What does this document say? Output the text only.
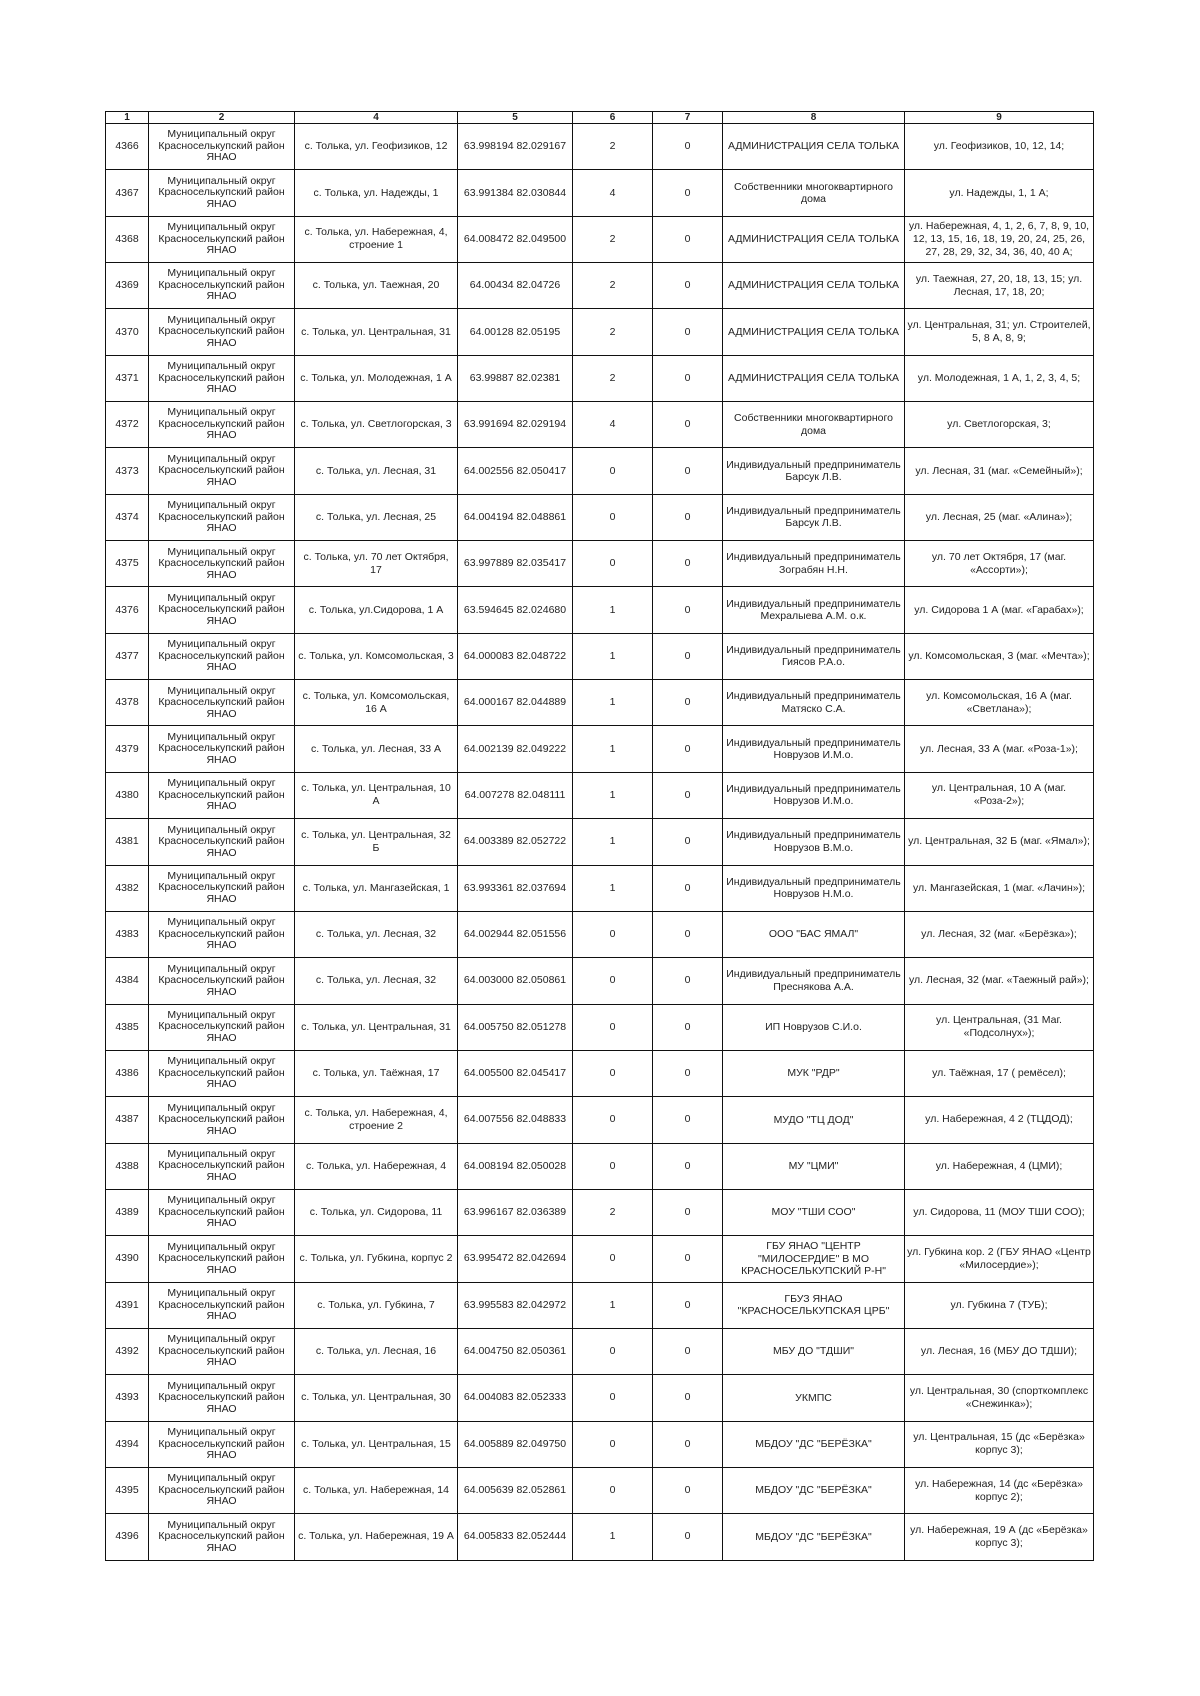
1	2	4	5	6	7	8	9
4366	Муниципальный округ Красноселькупский район ЯНАО	с. Толька, ул. Геофизиков, 12	63.998194 82.029167	2	0	АДМИНИСТРАЦИЯ СЕЛА ТОЛЬКА	ул. Геофизиков, 10, 12, 14;
4367	Муниципальный округ Красноселькупский район ЯНАО	с. Толька, ул. Надежды, 1	63.991384 82.030844	4	0	Собственники многоквартирного дома	ул. Надежды, 1, 1 А;
4368	Муниципальный округ Красноселькупский район ЯНАО	с. Толька, ул. Набережная, 4, строение 1	64.008472 82.049500	2	0	АДМИНИСТРАЦИЯ СЕЛА ТОЛЬКА	ул. Набережная, 4, 1, 2, 6, 7, 8, 9, 10, 12, 13, 15, 16, 18, 19, 20, 24, 25, 26, 27, 28, 29, 32, 34, 36, 40, 40 А;
4369	Муниципальный округ Красноселькупский район ЯНАО	с. Толька, ул. Таежная, 20	64.00434 82.04726	2	0	АДМИНИСТРАЦИЯ СЕЛА ТОЛЬКА	ул. Таежная, 27, 20, 18, 13, 15; ул. Лесная, 17, 18, 20;
4370	Муниципальный округ Красноселькупский район ЯНАО	с. Толька, ул. Центральная, 31	64.00128 82.05195	2	0	АДМИНИСТРАЦИЯ СЕЛА ТОЛЬКА	ул. Центральная, 31; ул. Строителей, 5, 8 А, 8, 9;
4371	Муниципальный округ Красноселькупский район ЯНАО	с. Толька, ул. Молодежная, 1 А	63.99887 82.02381	2	0	АДМИНИСТРАЦИЯ СЕЛА ТОЛЬКА	ул. Молодежная, 1 А, 1, 2, 3, 4, 5;
4372	Муниципальный округ Красноселькупский район ЯНАО	с. Толька, ул. Светлогорская, 3	63.991694 82.029194	4	0	Собственники многоквартирного дома	ул. Светлогорская, 3;
4373	Муниципальный округ Красноселькупский район ЯНАО	с. Толька, ул. Лесная, 31	64.002556 82.050417	0	0	Индивидуальный предприниматель Барсук Л.В.	ул. Лесная, 31 (маг. «Семейный»);
4374	Муниципальный округ Красноселькупский район ЯНАО	с. Толька, ул. Лесная, 25	64.004194 82.048861	0	0	Индивидуальный предприниматель Барсук Л.В.	ул. Лесная, 25 (маг. «Алина»);
4375	Муниципальный округ Красноселькупский район ЯНАО	с. Толька, ул. 70 лет Октября, 17	63.997889 82.035417	0	0	Индивидуальный предприниматель Зограбян Н.Н.	ул. 70 лет Октября, 17 (маг. «Ассорти»);
4376	Муниципальный округ Красноселькупский район ЯНАО	с. Толька, ул.Сидорова, 1 А	63.594645 82.024680	1	0	Индивидуальный предприниматель Мехралыева А.М. о.к.	ул. Сидорова 1 А (маг. «Гарабах»);
4377	Муниципальный округ Красноселькупский район ЯНАО	с. Толька, ул. Комсомольская, 3	64.000083 82.048722	1	0	Индивидуальный предприниматель Гиясов Р.А.о.	ул. Комсомольская, 3 (маг. «Мечта»);
4378	Муниципальный округ Красноселькупский район ЯНАО	с. Толька, ул. Комсомольская, 16 А	64.000167 82.044889	1	0	Индивидуальный предприниматель Матяско С.А.	ул. Комсомольская, 16 А (маг. «Светлана»);
4379	Муниципальный округ Красноселькупский район ЯНАО	с. Толька, ул. Лесная, 33 А	64.002139 82.049222	1	0	Индивидуальный предприниматель Новрузов И.М.о.	ул. Лесная, 33 А (маг. «Роза-1»);
4380	Муниципальный округ Красноселькупский район ЯНАО	с. Толька, ул. Центральная, 10 А	64.007278 82.048111	1	0	Индивидуальный предприниматель Новрузов И.М.о.	ул. Центральная, 10 А (маг. «Роза-2»);
4381	Муниципальный округ Красноселькупский район ЯНАО	с. Толька, ул. Центральная, 32 Б	64.003389 82.052722	1	0	Индивидуальный предприниматель Новрузов В.М.о.	ул. Центральная, 32 Б (маг. «Ямал»);
4382	Муниципальный округ Красноселькупский район ЯНАО	с. Толька, ул. Мангазейская, 1	63.993361 82.037694	1	0	Индивидуальный предприниматель Новрузов Н.М.о.	ул. Мангазейская, 1 (маг. «Лачин»);
4383	Муниципальный округ Красноселькупский район ЯНАО	с. Толька, ул. Лесная, 32	64.002944 82.051556	0	0	ООО "БАС ЯМАЛ"	ул. Лесная, 32 (маг. «Берёзка»);
4384	Муниципальный округ Красноселькупский район ЯНАО	с. Толька, ул. Лесная, 32	64.003000 82.050861	0	0	Индивидуальный предприниматель Преснякова А.А.	ул. Лесная, 32 (маг. «Таежный рай»);
4385	Муниципальный округ Красноселькупский район ЯНАО	с. Толька, ул. Центральная, 31	64.005750 82.051278	0	0	ИП Новрузов С.И.о.	ул. Центральная, (31 Маг. «Подсолнух»);
4386	Муниципальный округ Красноселькупский район ЯНАО	с. Толька, ул. Таёжная, 17	64.005500 82.045417	0	0	МУК "РДР"	ул. Таёжная, 17 ( ремёсел);
4387	Муниципальный округ Красноселькупский район ЯНАО	с. Толька, ул. Набережная, 4, строение 2	64.007556 82.048833	0	0	МУДО "ТЦ ДОД"	ул. Набережная, 4 2 (ТЦДОД);
4388	Муниципальный округ Красноселькупский район ЯНАО	с. Толька, ул. Набережная, 4	64.008194 82.050028	0	0	МУ "ЦМИ"	ул. Набережная, 4 (ЦМИ);
4389	Муниципальный округ Красноселькупский район ЯНАО	с. Толька, ул. Сидорова, 11	63.996167 82.036389	2	0	МОУ "ТШИ СОО"	ул. Сидорова, 11 (МОУ ТШИ СОО);
4390	Муниципальный округ Красноселькупский район ЯНАО	с. Толька, ул. Губкина, корпус 2	63.995472 82.042694	0	0	ГБУ ЯНАО "ЦЕНТР "МИЛОСЕРДИЕ" В МО КРАСНОСЕЛЬКУПСКИЙ Р-Н"	ул. Губкина кор. 2 (ГБУ ЯНАО «Центр «Милосердие»);
4391	Муниципальный округ Красноселькупский район ЯНАО	с. Толька, ул. Губкина, 7	63.995583 82.042972	1	0	ГБУЗ ЯНАО "КРАСНОСЕЛЬКУПСКАЯ ЦРБ"	ул. Губкина 7 (ТУБ);
4392	Муниципальный округ Красноселькупский район ЯНАО	с. Толька, ул. Лесная, 16	64.004750 82.050361	0	0	МБУ ДО "ТДШИ"	ул. Лесная, 16 (МБУ ДО ТДШИ);
4393	Муниципальный округ Красноселькупский район ЯНАО	с. Толька, ул. Центральная, 30	64.004083 82.052333	0	0	УКМПС	ул. Центральная, 30 (спорткомплекс «Снежинка»);
4394	Муниципальный округ Красноселькупский район ЯНАО	с. Толька, ул. Центральная, 15	64.005889 82.049750	0	0	МБДОУ "ДС "БЕРЁЗКА"	ул. Центральная, 15 (дс «Берёзка» корпус 3);
4395	Муниципальный округ Красноселькупский район ЯНАО	с. Толька, ул. Набережная, 14	64.005639 82.052861	0	0	МБДОУ "ДС "БЕРЁЗКА"	ул. Набережная, 14 (дс «Берёзка» корпус 2);
4396	Муниципальный округ Красноселькупский район ЯНАО	с. Толька, ул. Набережная, 19 А	64.005833 82.052444	1	0	МБДОУ "ДС "БЕРЁЗКА"	ул. Набережная, 19 А (дс «Берёзка» корпус 3);
